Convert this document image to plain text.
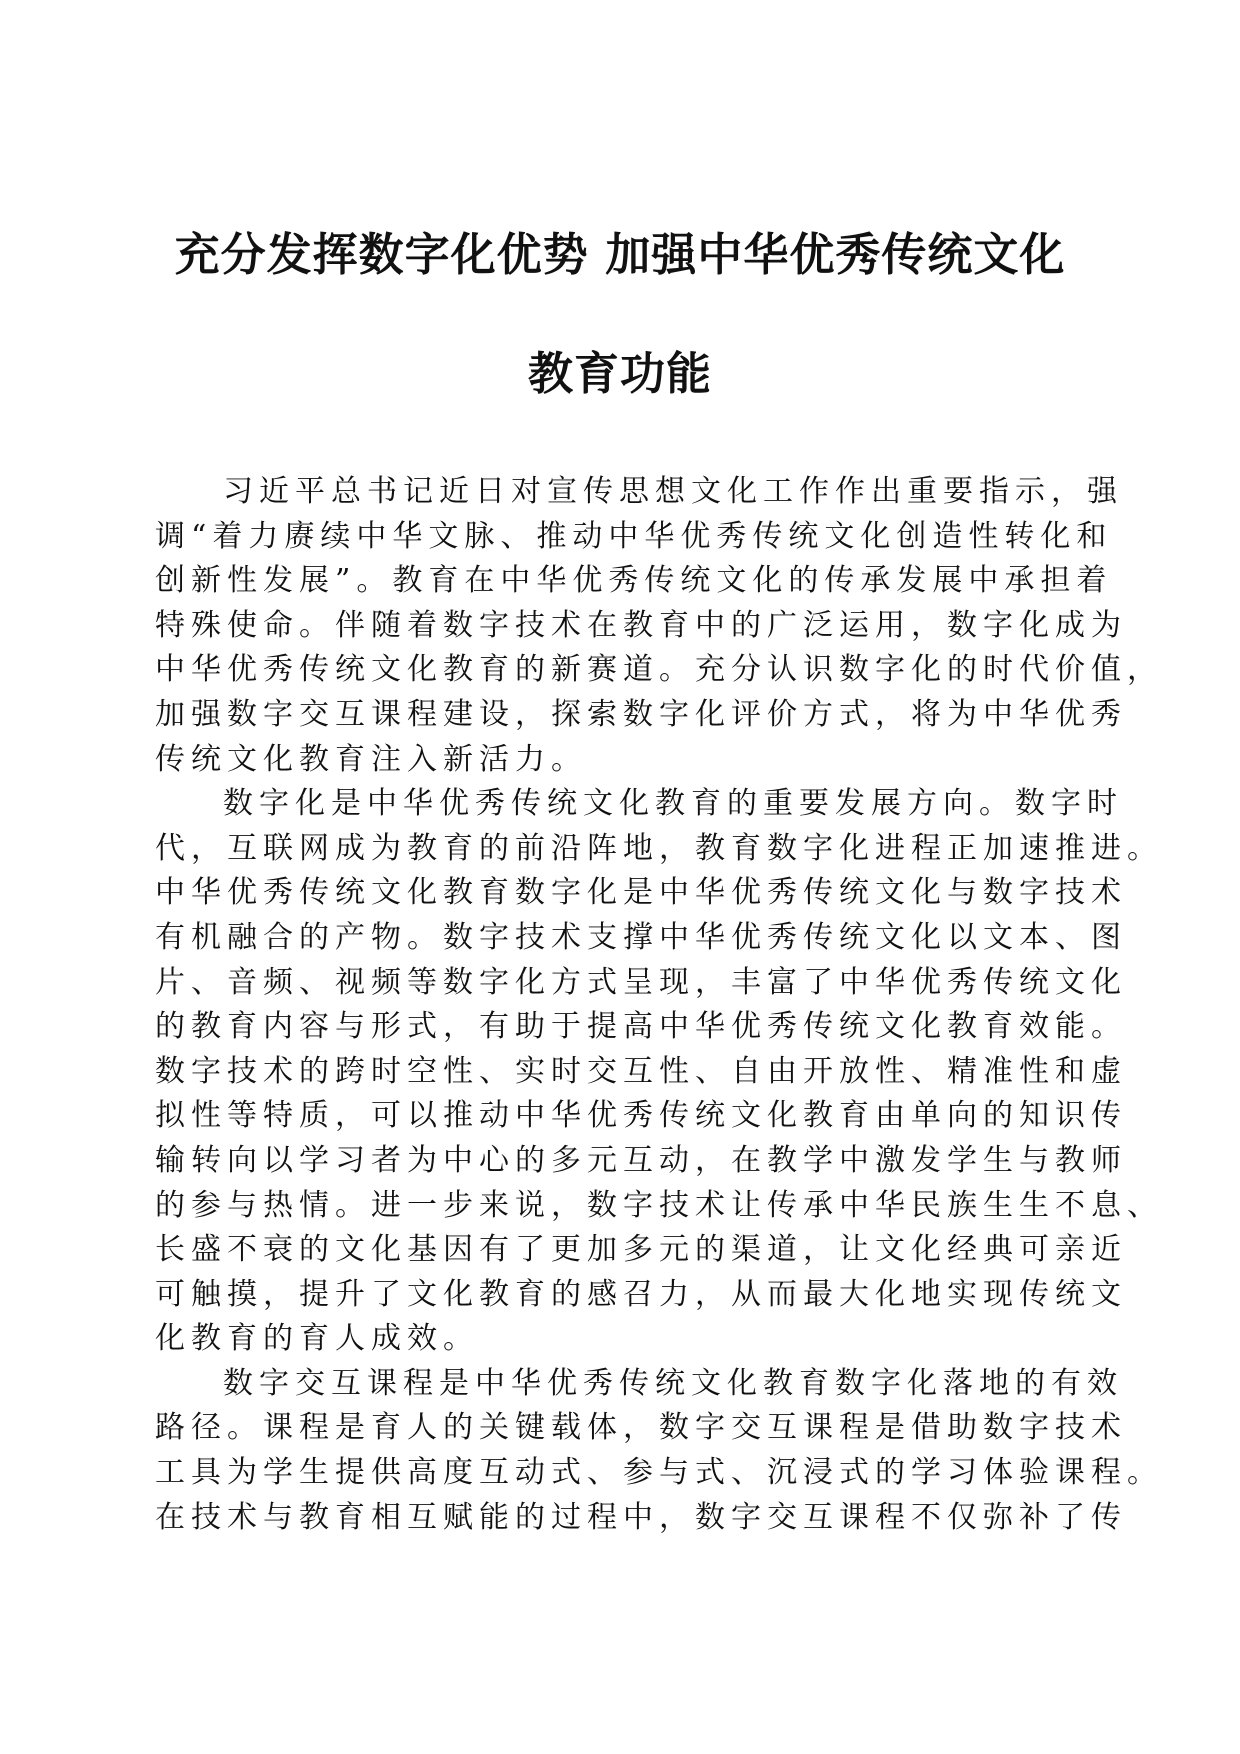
充分发挥数字化优势 加强中华优秀传统文化
教育功能

习近平总书记近日对宣传思想文化工作作出重要指示，强
调“着力赓续中华文脉、推动中华优秀传统文化创造性转化和
创新性发展”。教育在中华优秀传统文化的传承发展中承担着
特殊使命。伴随着数字技术在教育中的广泛运用，数字化成为
中华优秀传统文化教育的新赛道。充分认识数字化的时代价值，
加强数字交互课程建设，探索数字化评价方式，将为中华优秀
传统文化教育注入新活力。

数字化是中华优秀传统文化教育的重要发展方向。数字时
代，互联网成为教育的前沿阵地，教育数字化进程正加速推进。
中华优秀传统文化教育数字化是中华优秀传统文化与数字技术
有机融合的产物。数字技术支撑中华优秀传统文化以文本、图
片、音频、视频等数字化方式呈现，丰富了中华优秀传统文化
的教育内容与形式，有助于提高中华优秀传统文化教育效能。
数字技术的跨时空性、实时交互性、自由开放性、精准性和虚
拟性等特质，可以推动中华优秀传统文化教育由单向的知识传
输转向以学习者为中心的多元互动，在教学中激发学生与教师
的参与热情。进一步来说，数字技术让传承中华民族生生不息、
长盛不衰的文化基因有了更加多元的渠道，让文化经典可亲近
可触摸，提升了文化教育的感召力，从而最大化地实现传统文
化教育的育人成效。

数字交互课程是中华优秀传统文化教育数字化落地的有效
路径。课程是育人的关键载体，数字交互课程是借助数字技术
工具为学生提供高度互动式、参与式、沉浸式的学习体验课程。
在技术与教育相互赋能的过程中，数字交互课程不仅弥补了传
